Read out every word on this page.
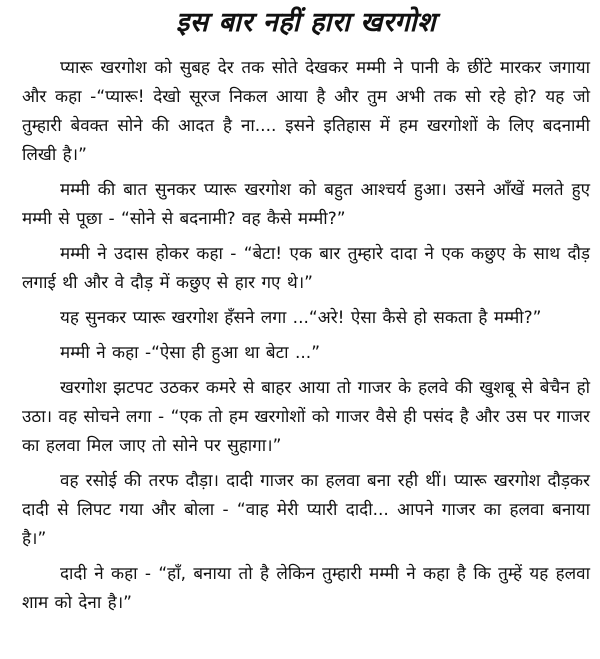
इस बार नहीं हारा खरगोश

प्यारू खरगोश को सुबह देर तक सोते देखकर मम्मी ने पानी के छींटे मारकर जगाया और कहा -“प्यारू! देखो सूरज निकल आया है और तुम अभी तक सो रहे हो? यह जो तुम्हारी बेवक्त सोने की आदत है ना.... इसने इतिहास में हम खरगोशों के लिए बदनामी लिखी है।”

मम्मी की बात सुनकर प्यारू खरगोश को बहुत आश्चर्य हुआ। उसने आँखें मलते हुए मम्मी से पूछा - “सोने से बदनामी? वह कैसे मम्मी?”

मम्मी ने उदास होकर कहा - “बेटा! एक बार तुम्हारे दादा ने एक कछुए के साथ दौड़ लगाई थी और वे दौड़ में कछुए से हार गए थे।”

यह सुनकर प्यारू खरगोश हँसने लगा ...“अरे! ऐसा कैसे हो सकता है मम्मी?”

मम्मी ने कहा -“ऐसा ही हुआ था बेटा ...”

खरगोश झटपट उठकर कमरे से बाहर आया तो गाजर के हलवे की खुशबू से बेचैन हो उठा। वह सोचने लगा - “एक तो हम खरगोशों को गाजर वैसे ही पसंद है और उस पर गाजर का हलवा मिल जाए तो सोने पर सुहागा।”

वह रसोई की तरफ दौड़ा। दादी गाजर का हलवा बना रही थीं। प्यारू खरगोश दौड़कर दादी से लिपट गया और बोला - “वाह मेरी प्यारी दादी... आपने गाजर का हलवा बनाया है।”

दादी ने कहा - “हाँ, बनाया तो है लेकिन तुम्हारी मम्मी ने कहा है कि तुम्हें यह हलवा शाम को देना है।”
